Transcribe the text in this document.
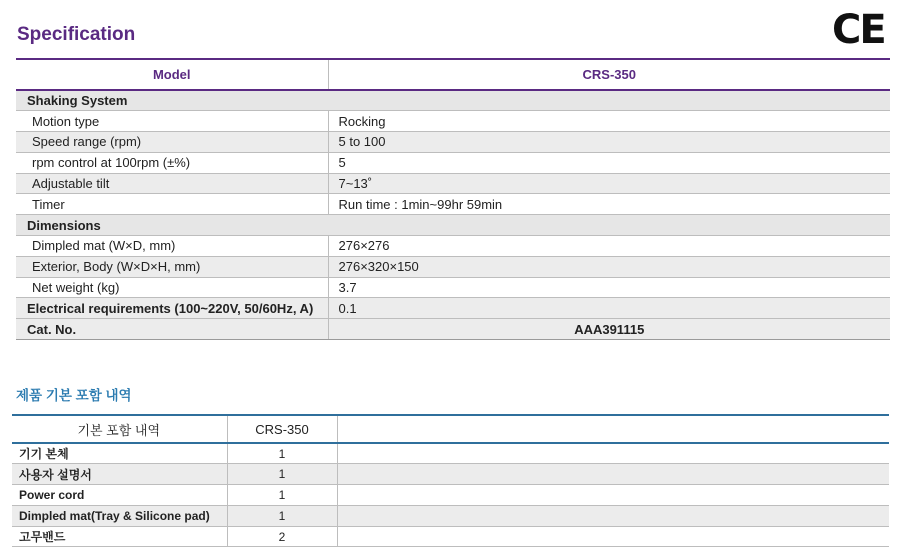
Specification	CE
Model	CRS-350
Shaking System	
Motion type	Rocking
Speed range (rpm)	5 to 100
rpm control at 100rpm (±%)	5
Adjustable tilt	7~13˚
Timer	Run time : 1min~99hr 59min
Dimensions	
Dimpled mat (W×D, mm)	276×276
Exterior, Body (W×D×H, mm)	276×320×150
Net weight (kg)	3.7
Electrical requirements (100~220V, 50/60Hz, A)	0.1
Cat. No.	AAA391115
제품 기본 포함 내역
기본 포함 내역	CRS-350	
기기 본체	1	
사용자 설명서	1	
Power cord	1	
Dimpled mat(Tray & Silicone pad)	1	
고무밴드	2	
